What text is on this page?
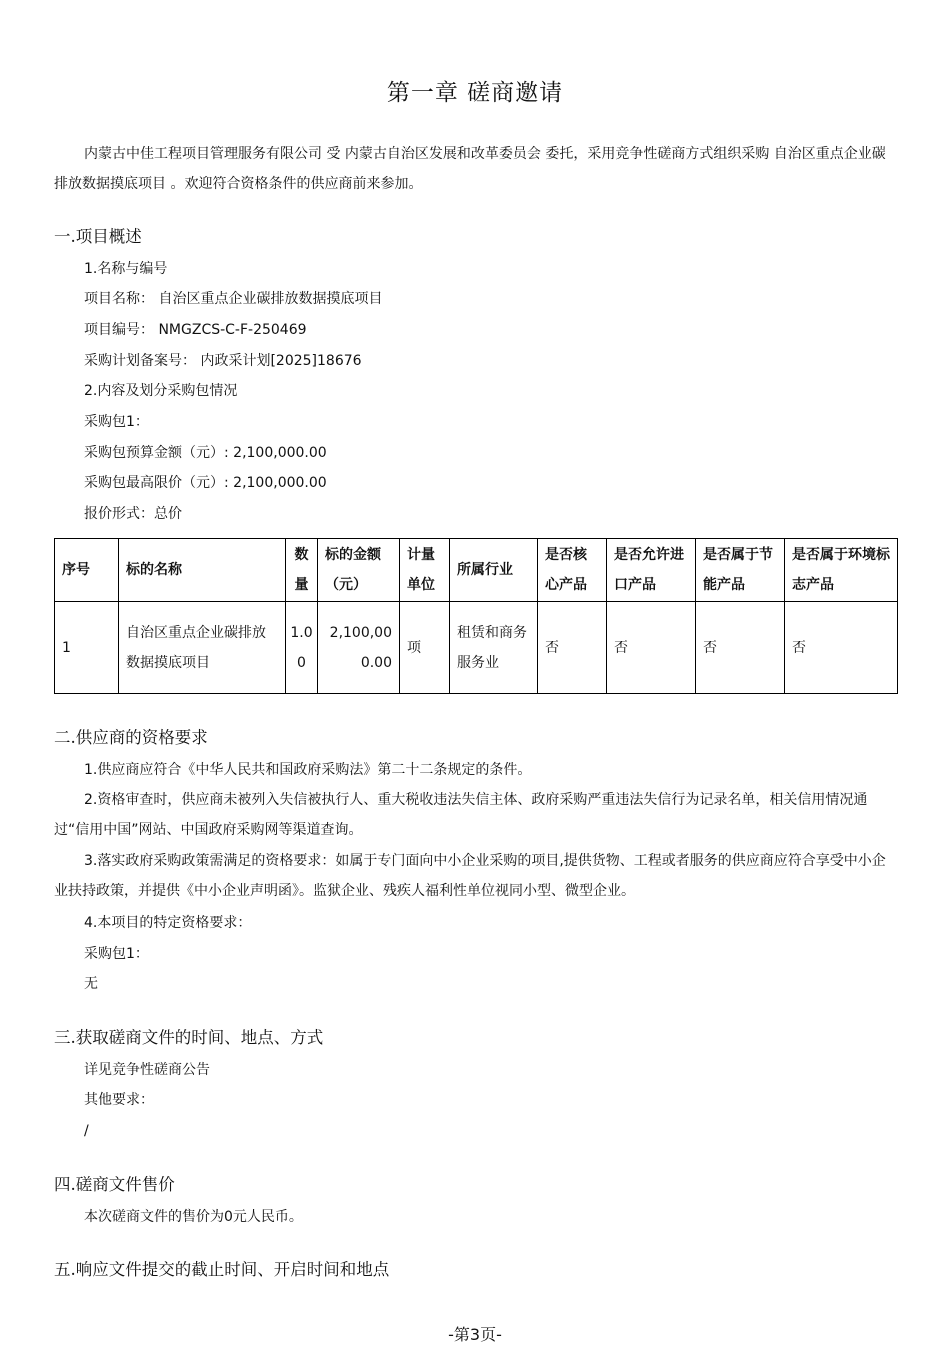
第一章 磋商邀请
内蒙古中佳工程项目管理服务有限公司 受 内蒙古自治区发展和改革委员会 委托，采用竞争性磋商方式组织采购 自治区重点企业碳排放数据摸底项目 。欢迎符合资格条件的供应商前来参加。
一.项目概述
1.名称与编号
项目名称： 自治区重点企业碳排放数据摸底项目
项目编号： NMGZCS-C-F-250469
采购计划备案号： 内政采计划[2025]18676
2.内容及划分采购包情况
采购包1：
采购包预算金额（元）: 2,100,000.00
采购包最高限价（元）: 2,100,000.00
报价形式：总价
序号	标的名称	数量	标的金额（元）	计量单位	所属行业	是否核心产品	是否允许进口产品	是否属于节能产品	是否属于环境标志产品
1	自治区重点企业碳排放数据摸底项目	1.00	2,100,000.00	项	租赁和商务服务业	否	否	否	否
二.供应商的资格要求
1.供应商应符合《中华人民共和国政府采购法》第二十二条规定的条件。
2.资格审查时，供应商未被列入失信被执行人、重大税收违法失信主体、政府采购严重违法失信行为记录名单，相关信用情况通过“信用中国”网站、中国政府采购网等渠道查询。
3.落实政府采购政策需满足的资格要求：如属于专门面向中小企业采购的项目,提供货物、工程或者服务的供应商应符合享受中小企业扶持政策，并提供《中小企业声明函》。监狱企业、残疾人福利性单位视同小型、微型企业。
4.本项目的特定资格要求：
采购包1：
无
三.获取磋商文件的时间、地点、方式
详见竞争性磋商公告
其他要求：
/
四.磋商文件售价
本次磋商文件的售价为0元人民币。
五.响应文件提交的截止时间、开启时间和地点
-第3页-
